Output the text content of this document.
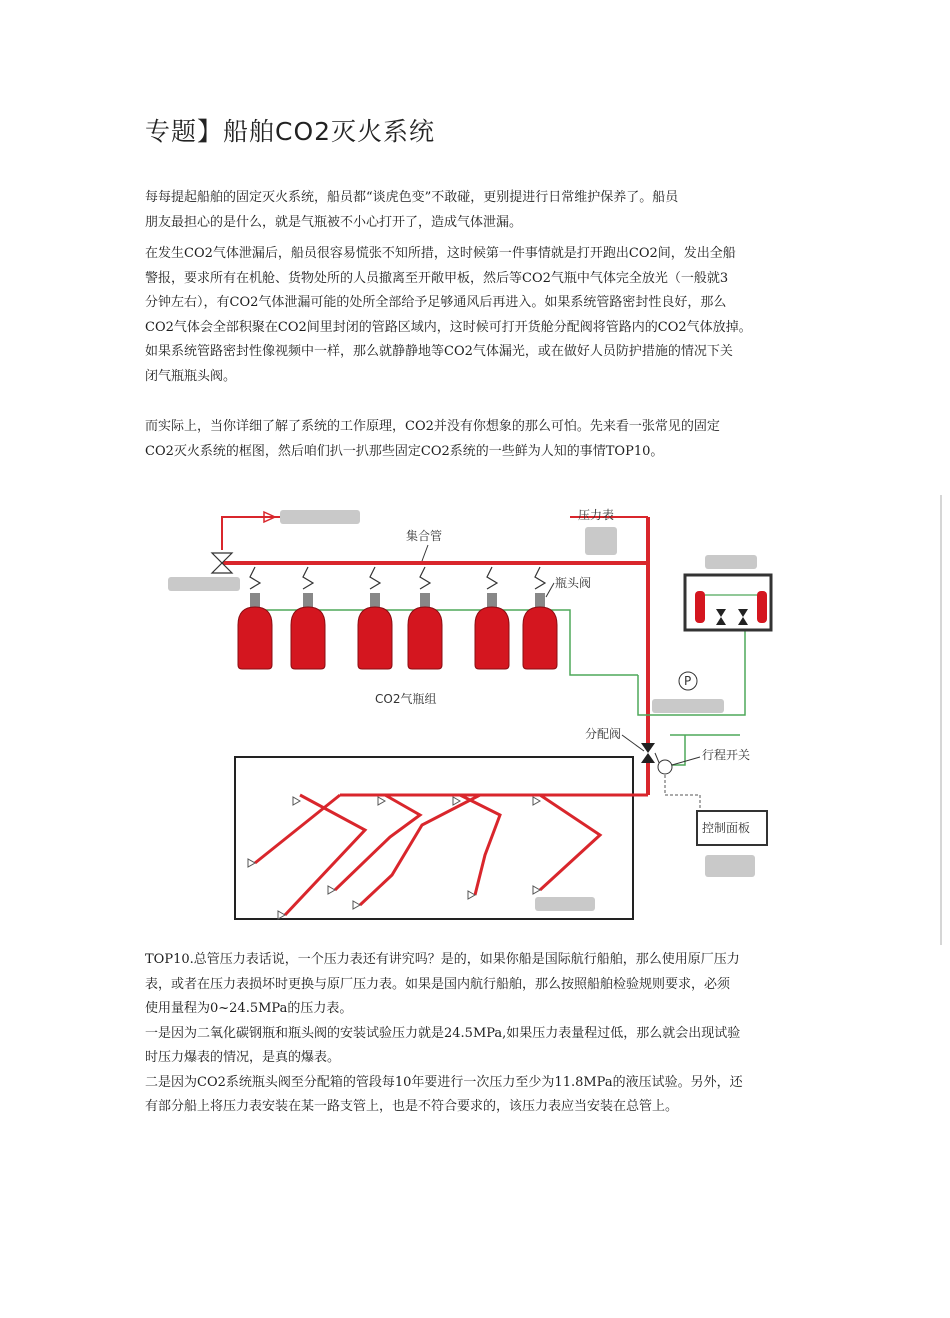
专题】船舶CO2灭火系统
每每提起船舶的固定灭火系统，船员都“谈虎色变”不敢碰，更别提进行日常维护保养了。船员
朋友最担心的是什么，就是气瓶被不小心打开了，造成气体泄漏。
在发生CO2气体泄漏后，船员很容易慌张不知所措，这时候第一件事情就是打开跑出CO2间，发出全船
警报，要求所有在机舱、货物处所的人员撤离至开敞甲板，然后等CO2气瓶中气体完全放光（一般就3
分钟左右），有CO2气体泄漏可能的处所全部给予足够通风后再进入。如果系统管路密封性良好，那么
CO2气体会全部积聚在CO2间里封闭的管路区域内，这时候可打开货舱分配阀将管路内的CO2气体放掉。
如果系统管路密封性像视频中一样，那么就静静地等CO2气体漏光，或在做好人员防护措施的情况下关
闭气瓶瓶头阀。
而实际上，当你详细了解了系统的工作原理，CO2并没有你想象的那么可怕。先来看一张常见的固定
CO2灭火系统的框图，然后咱们扒一扒那些固定CO2系统的一些鲜为人知的事情TOP10。
集合管
压力表
瓶头阀
CO2气瓶组
P
分配阀
行程开关
控制面板
TOP10.总管压力表话说，一个压力表还有讲究吗？是的，如果你船是国际航行船舶，那么使用原厂压力
表，或者在压力表损坏时更换与原厂压力表。如果是国内航行船舶，那么按照船舶检验规则要求，必须
使用量程为0~24.5MPa的压力表。
一是因为二氧化碳钢瓶和瓶头阀的安装试验压力就是24.5MPa,如果压力表量程过低，那么就会出现试验
时压力爆表的情况，是真的爆表。
二是因为CO2系统瓶头阀至分配箱的管段每10年要进行一次压力至少为11.8MPa的液压试验。另外，还
有部分船上将压力表安装在某一路支管上，也是不符合要求的，该压力表应当安装在总管上。
